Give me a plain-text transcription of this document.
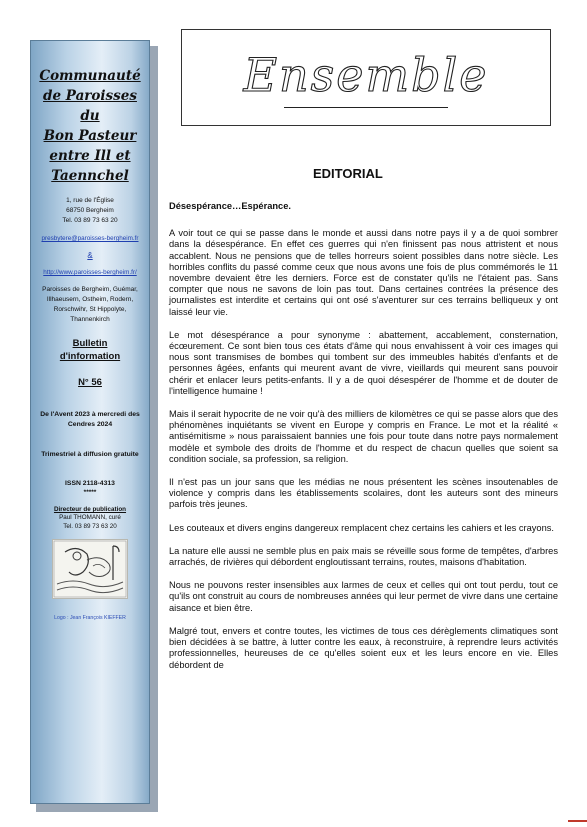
Communauté
de Paroisses du
Bon Pasteur
entre Ill et
Taennchel
1, rue de l'Église
68750 Bergheim
Tel. 03 89 73 63 20
presbytere@paroisses-bergheim.fr
&
http://www.paroisses-bergheim.fr/
Paroisses de Bergheim, Guémar, Illhaeusern, Ostheim, Rodern, Rorschwihr, St Hippolyte, Thannenkirch
Bulletin
d'information
N° 56
De l'Avent 2023 à mercredi des Cendres 2024
Trimestriel à diffusion gratuite
ISSN 2118-4313
*****
Directeur de publication
Paul THOMANN, curé
Tel. 03 89 73 63 20
Logo : Jean François KIEFFER
Ensemble
EDITORIAL

Désespérance…Espérance.

A voir tout ce qui se passe dans le monde et aussi dans notre pays il y a de quoi sombrer dans la désespérance. En effet ces guerres qui n'en finissent pas nous attristent et nous accablent. Nous ne pensions que de telles horreurs soient possibles dans notre siècle. Les horribles conflits du passé comme ceux que nous avons une fois de plus commémorés le 11 novembre devaient être les derniers. Force est de constater qu'ils ne l'étaient pas. Sans compter que nous ne savons de loin pas tout. Dans certaines contrées la présence des journalistes est interdite et certains qui ont osé s'aventurer sur ces terrains belliqueux y ont laissé leur vie.

Le mot désespérance a pour synonyme : abattement, accablement, consternation, écœurement. Ce sont bien tous ces états d'âme qui nous envahissent à voir ces images qui nous sont transmises de bombes qui tombent sur des immeubles habités d'enfants et de personnes âgées, enfants qui meurent avant de vivre, vieillards qui meurent sans pouvoir chérir et enlacer leurs petits-enfants. Il y a de quoi désespérer de l'homme et de douter de l'intelligence humaine !

Mais il serait hypocrite de ne voir qu'à des milliers de kilomètres ce qui se passe alors que des phénomènes inquiétants se vivent en Europe y compris en France. Le mot et la réalité « antisémitisme » nous paraissaient bannies une fois pour toute dans notre pays normalement modèle et symbole des droits de l'homme et du respect de chacun quelles que soient sa condition sociale, sa profession, sa religion.

Il n'est pas un jour sans que les médias ne nous présentent les scènes insoutenables de violence y compris dans les établissements scolaires, dont les auteurs sont des mineurs parfois très jeunes.

Les couteaux et divers engins dangereux remplacent chez certains les cahiers et les crayons.

La nature elle aussi ne semble plus en paix mais se réveille sous forme de tempêtes, d'arbres arrachés, de rivières qui débordent engloutissant terrains, routes, maisons d'habitation.

Nous ne pouvons rester insensibles aux larmes de ceux et celles qui ont tout perdu, tout ce qu'ils ont construit au cours de nombreuses années qui leur permet de vivre dans une certaine aisance et bien être.

Malgré tout, envers et contre toutes, les victimes de tous ces dérèglements climatiques sont bien décidées à se battre, à lutter contre les eaux, à reconstruire, à reprendre leurs activités professionnelles, heureuses de ce qu'elles soient eux et les leurs encore en vie. Elles débordent de
